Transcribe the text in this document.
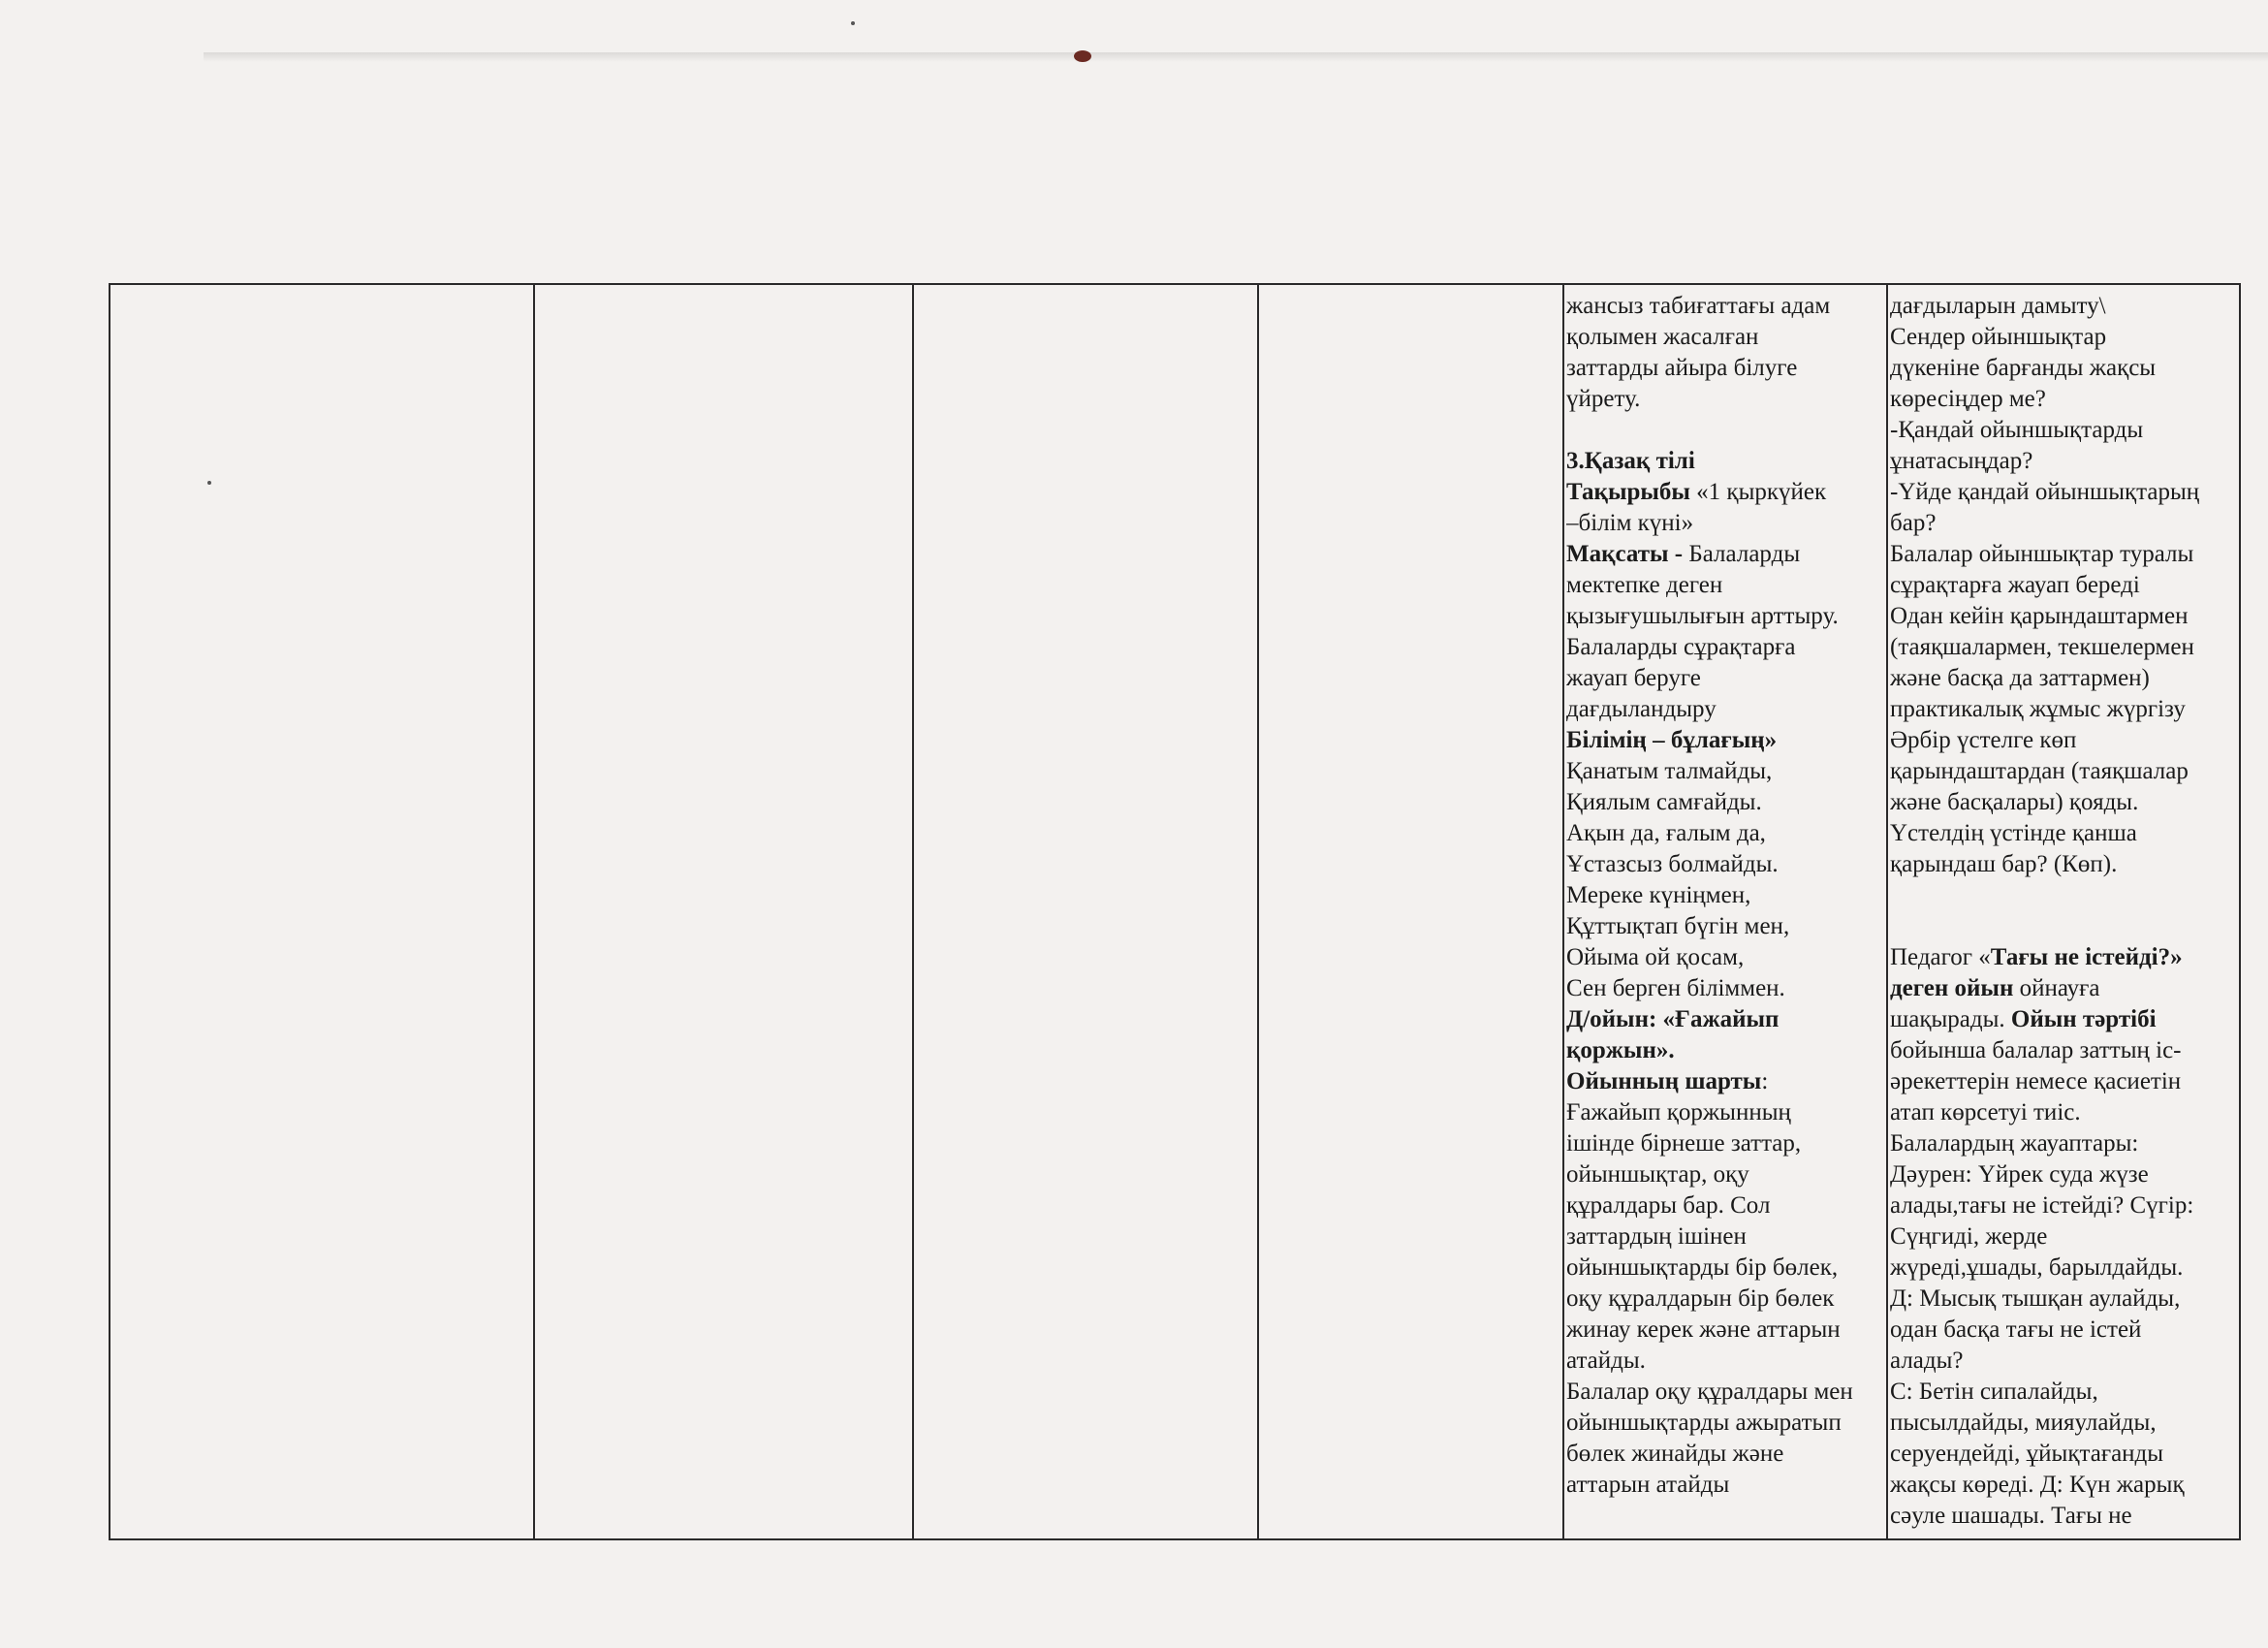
жансыз табиғаттағы адам

қолымен жасалған

заттарды айыра білуге

үйрету.

3.Қазақ тілі

Тақырыбы «1 қыркүйек

–білім күні»

Мақсаты - Балаларды

мектепке деген

қызығушылығын арттыру.

Балаларды сұрақтарға

жауап беруге

дағдыландыру

Білімің – бұлағың»

Қанатым талмайды,

Қиялым самғайды.

Ақын да, ғалым да,

Ұстазсыз болмайды.

Мереке күніңмен,

Құттықтап бүгін мен,

Ойыма ой қосам,

Сен берген біліммен.

Д/ойын: «Ғажайып

қоржын».

Ойынның шарты:

Ғажайып қоржынның

ішінде бірнеше заттар,

ойыншықтар, оқу

құралдары бар. Сол

заттардың ішінен

ойыншықтарды бір бөлек,

оқу құралдарын бір бөлек

жинау керек және аттарын

атайды.

Балалар оқу құралдары мен

ойыншықтарды ажыратып

бөлек жинайды және

аттарын атайды

дағдыларын дамыту\

Сендер ойыншықтар

дүкеніне барғанды жақсы

көресіңдер ме?

-Қандай ойыншықтарды

ұнатасыңдар?

-Үйде қандай ойыншықтарың

бар?

Балалар ойыншықтар туралы

сұрақтарға жауап береді

Одан кейін қарындаштармен

(таяқшалармен, текшелермен

және басқа да заттармен)

практикалық жұмыс жүргізу

Әрбір үстелге көп

қарындаштардан (таяқшалар

және басқалары) қояды.

Үстелдің үстінде қанша

қарындаш бар? (Көп).

Педагог «Тағы не істейді?»

деген ойын ойнауға

шақырады. Ойын тәртібі

бойынша балалар заттың іс-

әрекеттерін немесе қасиетін

атап көрсетуі тиіс.

Балалардың жауаптары:

Дәурен: Үйрек суда жүзе

алады,тағы не істейді? Сүгір:

Сүңгиді, жерде

жүреді,ұшады, барылдайды.

Д: Мысық тышқан аулайды,

одан басқа тағы не істей

алады?

С: Бетін сипалайды,

пысылдайды, мияулайды,

серуендейді, ұйықтағанды

жақсы көреді. Д: Күн жарық

сәуле шашады. Тағы не
